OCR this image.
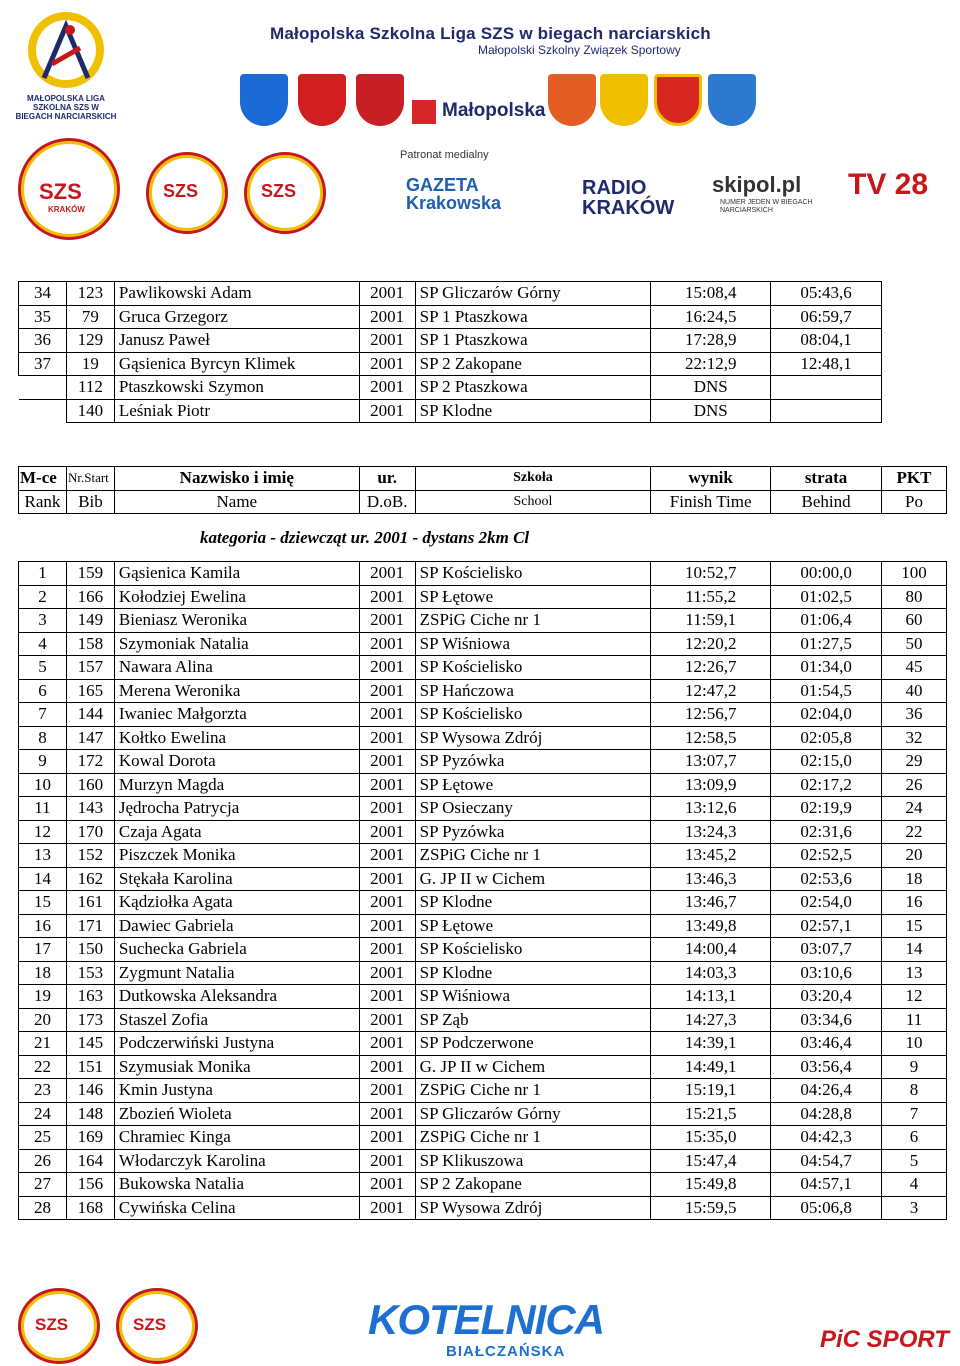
MAŁOPOLSKA LIGA SZKOLNA SZS W BIEGACH NARCIARSKICH
Małopolska Szkolna Liga SZS w biegach narciarskich
Małopolski Szkolny Związek Sportowy
Małopolska
SZS
KRAKÓW
SZS	SZS
Patronat medialny
GAZETA Krakowska
RADIO KRAKÓW
skipol.pl
NUMER JEDEN W BIEGACH NARCIARSKICH
TV 28
34	123	Pawlikowski Adam	2001	SP Gliczarów Górny	15:08,4	05:43,6
35	79	Gruca Grzegorz	2001	SP 1 Ptaszkowa	16:24,5	06:59,7
36	129	Janusz Paweł	2001	SP 1 Ptaszkowa	17:28,9	08:04,1
37	19	Gąsienica Byrcyn Klimek	2001	SP 2 Zakopane	22:12,9	12:48,1
	112	Ptaszkowski Szymon	2001	SP 2 Ptaszkowa	DNS	
	140	Leśniak Piotr	2001	SP Klodne	DNS	
M-ce	Nr.Start	Nazwisko i imię	ur.	Szkoła	wynik	strata	PKT
Rank	Bib	Name	D.oB.	School	Finish Time	Behind	Po
kategoria - dziewcząt ur. 2001 - dystans 2km Cl
1	159	Gąsienica Kamila	2001	SP Kościelisko	10:52,7	00:00,0	100
2	166	Kołodziej Ewelina	2001	SP Łętowe	11:55,2	01:02,5	80
3	149	Bieniasz Weronika	2001	ZSPiG Ciche nr 1	11:59,1	01:06,4	60
4	158	Szymoniak Natalia	2001	SP Wiśniowa	12:20,2	01:27,5	50
5	157	Nawara Alina	2001	SP Kościelisko	12:26,7	01:34,0	45
6	165	Merena Weronika	2001	SP Hańczowa	12:47,2	01:54,5	40
7	144	Iwaniec Małgorzta	2001	SP Kościelisko	12:56,7	02:04,0	36
8	147	Kołtko Ewelina	2001	SP Wysowa Zdrój	12:58,5	02:05,8	32
9	172	Kowal Dorota	2001	SP Pyzówka	13:07,7	02:15,0	29
10	160	Murzyn Magda	2001	SP Łętowe	13:09,9	02:17,2	26
11	143	Jędrocha Patrycja	2001	SP Osieczany	13:12,6	02:19,9	24
12	170	Czaja Agata	2001	SP Pyzówka	13:24,3	02:31,6	22
13	152	Piszczek Monika	2001	ZSPiG Ciche nr 1	13:45,2	02:52,5	20
14	162	Stękała Karolina	2001	G. JP II w Cichem	13:46,3	02:53,6	18
15	161	Kądziołka Agata	2001	SP Klodne	13:46,7	02:54,0	16
16	171	Dawiec Gabriela	2001	SP Łętowe	13:49,8	02:57,1	15
17	150	Suchecka Gabriela	2001	SP Kościelisko	14:00,4	03:07,7	14
18	153	Zygmunt Natalia	2001	SP Klodne	14:03,3	03:10,6	13
19	163	Dutkowska Aleksandra	2001	SP Wiśniowa	14:13,1	03:20,4	12
20	173	Staszel Zofia	2001	SP Ząb	14:27,3	03:34,6	11
21	145	Podczerwiński Justyna	2001	SP Podczerwone	14:39,1	03:46,4	10
22	151	Szymusiak Monika	2001	G. JP II w Cichem	14:49,1	03:56,4	9
23	146	Kmin Justyna	2001	ZSPiG Ciche nr 1	15:19,1	04:26,4	8
24	148	Zbozień Wioleta	2001	SP Gliczarów Górny	15:21,5	04:28,8	7
25	169	Chramiec Kinga	2001	ZSPiG Ciche nr 1	15:35,0	04:42,3	6
26	164	Włodarczyk Karolina	2001	SP Klikuszowa	15:47,4	04:54,7	5
27	156	Bukowska Natalia	2001	SP 2 Zakopane	15:49,8	04:57,1	4
28	168	Cywińska Celina	2001	SP Wysowa Zdrój	15:59,5	05:06,8	3
SZS	SZS	KOTELNICA
BIAŁCZAŃSKA	PiC SPORT
